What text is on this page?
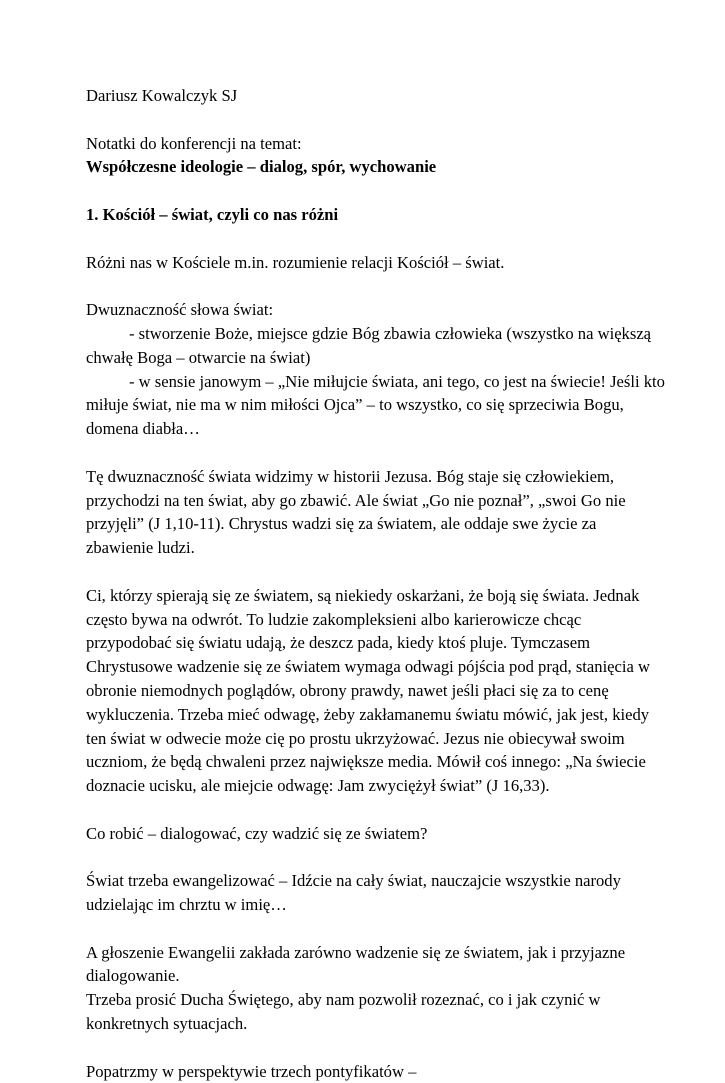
Dariusz Kowalczyk SJ

Notatki do konferencji na temat:

Współczesne ideologie – dialog, spór, wychowanie

1. Kościół – świat, czyli co nas różni

Różni nas w Kościele m.in. rozumienie relacji Kościół – świat.

Dwuznaczność słowa świat:

- stworzenie Boże, miejsce gdzie Bóg zbawia człowieka (wszystko na większą chwałę Boga – otwarcie na świat)

- w sensie janowym – „Nie miłujcie świata, ani tego, co jest na świecie! Jeśli kto miłuje świat, nie ma w nim miłości Ojca” – to wszystko, co się sprzeciwia Bogu, domena diabła…

Tę dwuznaczność świata widzimy w historii Jezusa. Bóg staje się człowiekiem, przychodzi na ten świat, aby go zbawić. Ale świat „Go nie poznał”, „swoi Go nie przyjęli” (J 1,10-11). Chrystus wadzi się za światem, ale oddaje swe życie za zbawienie ludzi.

Ci, którzy spierają się ze światem, są niekiedy oskarżani, że boją się świata. Jednak często bywa na odwrót. To ludzie zakompleksieni albo karierowicze chcąc przypodobać się światu udają, że deszcz pada, kiedy ktoś pluje. Tymczasem Chrystusowe wadzenie się ze światem wymaga odwagi pójścia pod prąd, stanięcia w obronie niemodnych poglądów, obrony prawdy, nawet jeśli płaci się za to cenę wykluczenia. Trzeba mieć odwagę, żeby zakłamanemu światu mówić, jak jest, kiedy ten świat w odwecie może cię po prostu ukrzyżować. Jezus nie obiecywał swoim uczniom, że będą chwaleni przez największe media. Mówił coś innego: „Na świecie doznacie ucisku, ale miejcie odwagę: Jam zwyciężył świat” (J 16,33).

Co robić – dialogować, czy wadzić się ze światem?

Świat trzeba ewangelizować – Idźcie na cały świat, nauczajcie wszystkie narody udzielając im chrztu w imię…

A głoszenie Ewangelii zakłada zarówno wadzenie się ze światem, jak i przyjazne dialogowanie.

Trzeba prosić Ducha Świętego, aby nam pozwolił rozeznać, co i jak czynić w konkretnych sytuacjach.

Popatrzmy w perspektywie trzech pontyfikatów –
